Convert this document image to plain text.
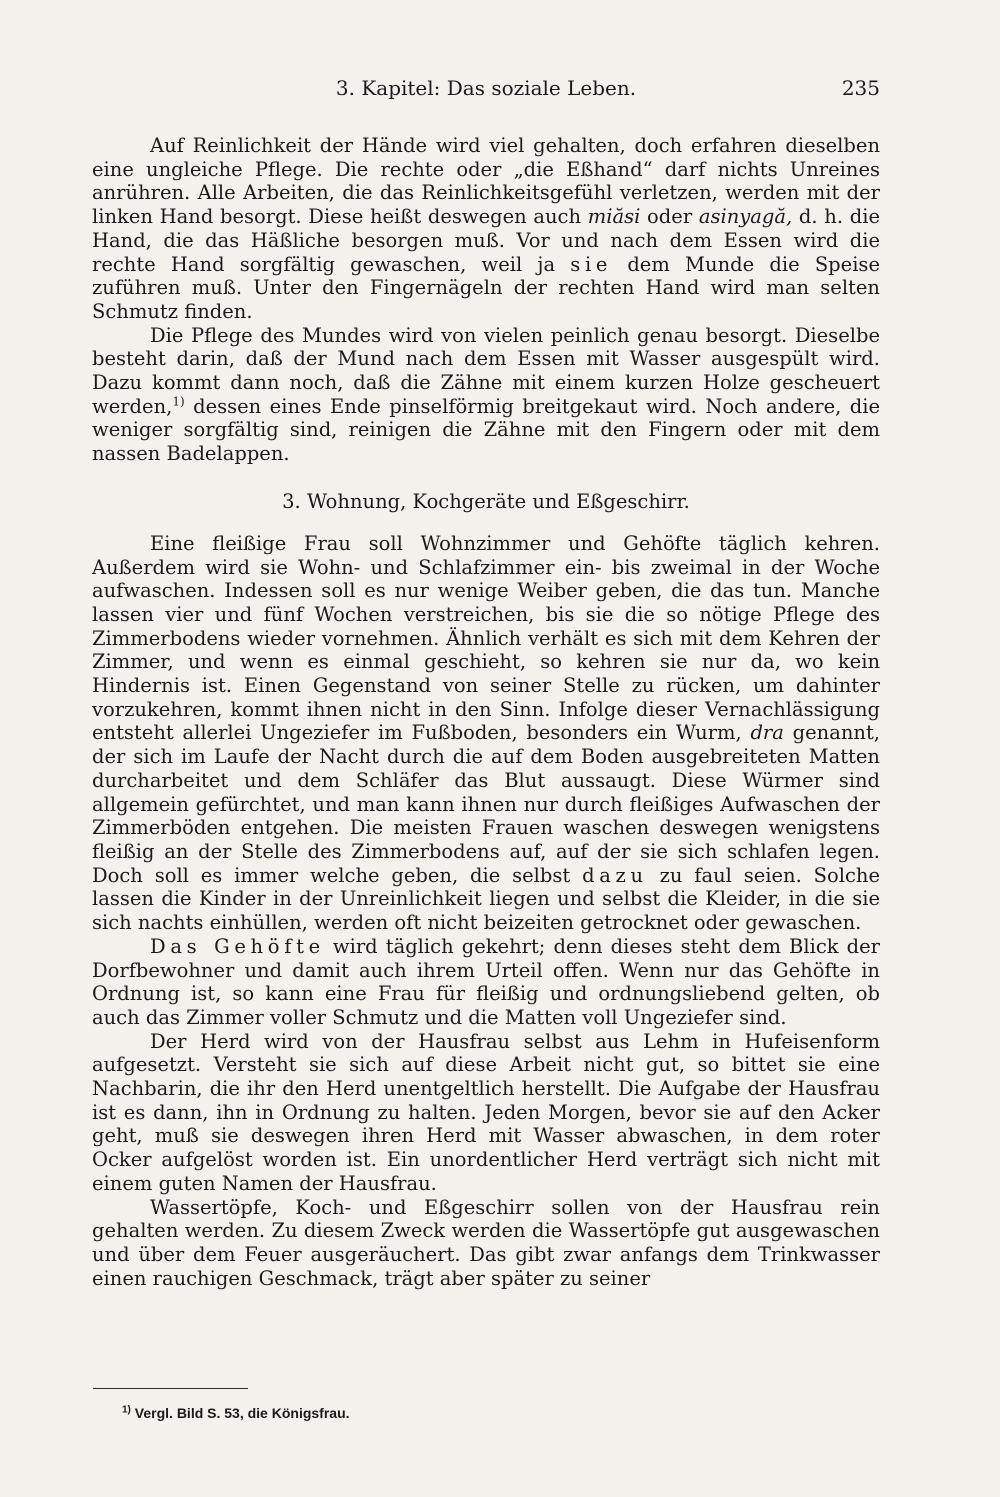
3. Kapitel: Das soziale Leben.	235

Auf Reinlichkeit der Hände wird viel gehalten, doch erfahren dieselben eine ungleiche Pflege. Die rechte oder „die Eßhand“ darf nichts Unreines anrühren. Alle Arbeiten, die das Reinlichkeitsgefühl verletzen, werden mit der linken Hand besorgt. Diese heißt deswegen auch miăsi oder asinyagă, d. h. die Hand, die das Häßliche besorgen muß. Vor und nach dem Essen wird die rechte Hand sorgfältig gewaschen, weil ja sie dem Munde die Speise zuführen muß. Unter den Fingernägeln der rechten Hand wird man selten Schmutz finden.

Die Pflege des Mundes wird von vielen peinlich genau besorgt. Dieselbe besteht darin, daß der Mund nach dem Essen mit Wasser ausgespült wird. Dazu kommt dann noch, daß die Zähne mit einem kurzen Holze gescheuert werden,$^{1)}$ dessen eines Ende pinselförmig breitgekaut wird. Noch andere, die weniger sorgfältig sind, reinigen die Zähne mit den Fingern oder mit dem nassen Badelappen.

3. Wohnung, Kochgeräte und Eßgeschirr.

Eine fleißige Frau soll Wohnzimmer und Gehöfte täglich kehren. Außerdem wird sie Wohn- und Schlafzimmer ein- bis zweimal in der Woche aufwaschen. Indessen soll es nur wenige Weiber geben, die das tun. Manche lassen vier und fünf Wochen verstreichen, bis sie die so nötige Pflege des Zimmerbodens wieder vornehmen. Ähnlich verhält es sich mit dem Kehren der Zimmer, und wenn es einmal geschieht, so kehren sie nur da, wo kein Hindernis ist. Einen Gegenstand von seiner Stelle zu rücken, um dahinter vorzukehren, kommt ihnen nicht in den Sinn. Infolge dieser Vernachlässigung entsteht allerlei Ungeziefer im Fußboden, besonders ein Wurm, dra genannt, der sich im Laufe der Nacht durch die auf dem Boden ausgebreiteten Matten durcharbeitet und dem Schläfer das Blut aussaugt. Diese Würmer sind allgemein gefürchtet, und man kann ihnen nur durch fleißiges Aufwaschen der Zimmerböden entgehen. Die meisten Frauen waschen deswegen wenigstens fleißig an der Stelle des Zimmerbodens auf, auf der sie sich schlafen legen. Doch soll es immer welche geben, die selbst dazu zu faul seien. Solche lassen die Kinder in der Unreinlichkeit liegen und selbst die Kleider, in die sie sich nachts einhüllen, werden oft nicht beizeiten getrocknet oder gewaschen.

Das Gehöfte wird täglich gekehrt; denn dieses steht dem Blick der Dorfbewohner und damit auch ihrem Urteil offen. Wenn nur das Gehöfte in Ordnung ist, so kann eine Frau für fleißig und ordnungsliebend gelten, ob auch das Zimmer voller Schmutz und die Matten voll Ungeziefer sind.

Der Herd wird von der Hausfrau selbst aus Lehm in Hufeisenform aufgesetzt. Versteht sie sich auf diese Arbeit nicht gut, so bittet sie eine Nachbarin, die ihr den Herd unentgeltlich herstellt. Die Aufgabe der Hausfrau ist es dann, ihn in Ordnung zu halten. Jeden Morgen, bevor sie auf den Acker geht, muß sie deswegen ihren Herd mit Wasser abwaschen, in dem roter Ocker aufgelöst worden ist. Ein unordentlicher Herd verträgt sich nicht mit einem guten Namen der Hausfrau.

Wassertöpfe, Koch- und Eßgeschirr sollen von der Hausfrau rein gehalten werden. Zu diesem Zweck werden die Wassertöpfe gut ausgewaschen und über dem Feuer ausgeräuchert. Das gibt zwar anfangs dem Trinkwasser einen rauchigen Geschmack, trägt aber später zu seiner

$^{1)}$ Vergl. Bild S. 53, die Königsfrau.
